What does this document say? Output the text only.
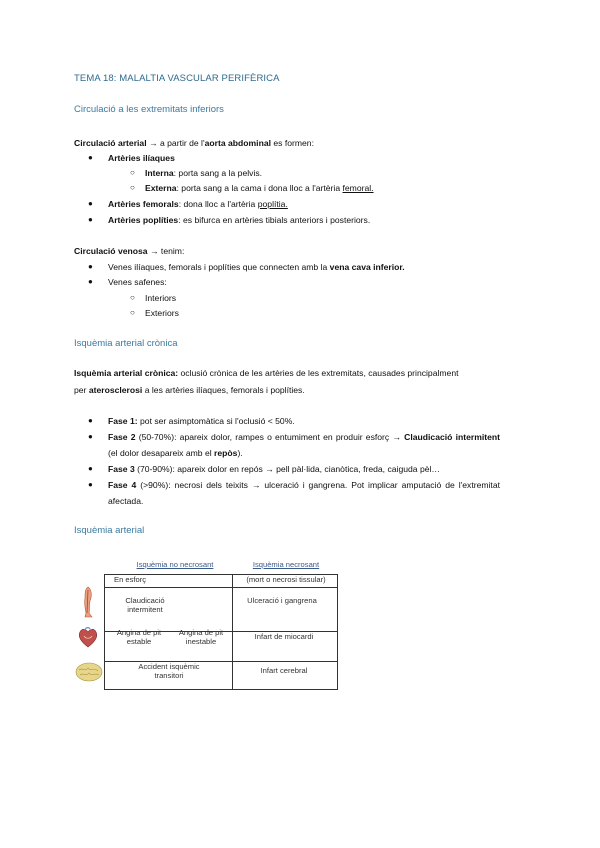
TEMA 18: MALALTIA VASCULAR PERIFÈRICA
Circulació a les extremitats inferiors
Circulació arterial → a partir de l'aorta abdominal es formen:
● Artèries ilíaques
○ Interna: porta sang a la pelvis.
○ Externa: porta sang a la cama i dona lloc a l'artèria femoral.
● Artèries femorals: dona lloc a l'artèria poplítia.
● Artèries poplíties: es bifurca en artèries tibials anteriors i posteriors.
Circulació venosa → tenim:
● Venes ilíaques, femorals i poplíties que connecten amb la vena cava inferior.
● Venes safenes:
○ Interiors
○ Exteriors
Isquèmia arterial crònica
Isquèmia arterial crònica: oclusió crònica de les artèries de les extremitats, causades principalment
per aterosclerosi a les artèries ilíaques, femorals i poplíties.
● Fase 1: pot ser asimptomàtica si l'oclusió < 50%.
● Fase 2 (50-70%): apareix dolor, rampes o entumiment en produir esforç → Claudicació intermitent (el dolor desapareix amb el repòs).
● Fase 3 (70-90%): apareix dolor en repós → pell pàl·lida, cianòtica, freda, caiguda pèl…
● Fase 4 (>90%): necrosi dels teixits → ulceració i gangrena. Pot implicar amputació de l'extremitat afectada.
Isquèmia arterial
Isquèmia no necrosant	Isquèmia necrosant
En esforç	(mort o necrosi tissular)
Claudicació intermitent
Ulceració i gangrena
Angina de pit estable
Angina de pit inestable
Infart de miocardi
Accident isquèmic transitori
Infart cerebral
